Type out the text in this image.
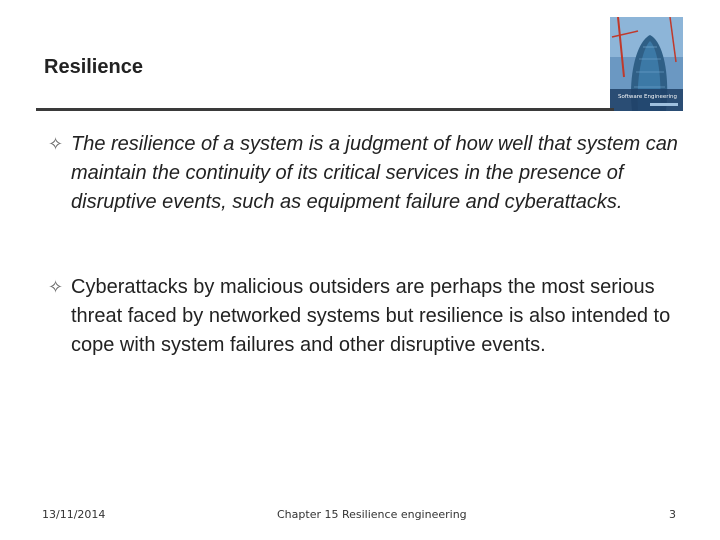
Resilience
Software Engineering
✧ The resilience of a system is a judgment of how well that system can maintain the continuity of its critical services in the presence of disruptive events, such as equipment failure and cyberattacks.
✧ Cyberattacks by malicious outsiders are perhaps the most serious threat faced by networked systems but resilience is also intended to cope with system failures and other disruptive events.
13/11/2014	Chapter 15 Resilience engineering	3
